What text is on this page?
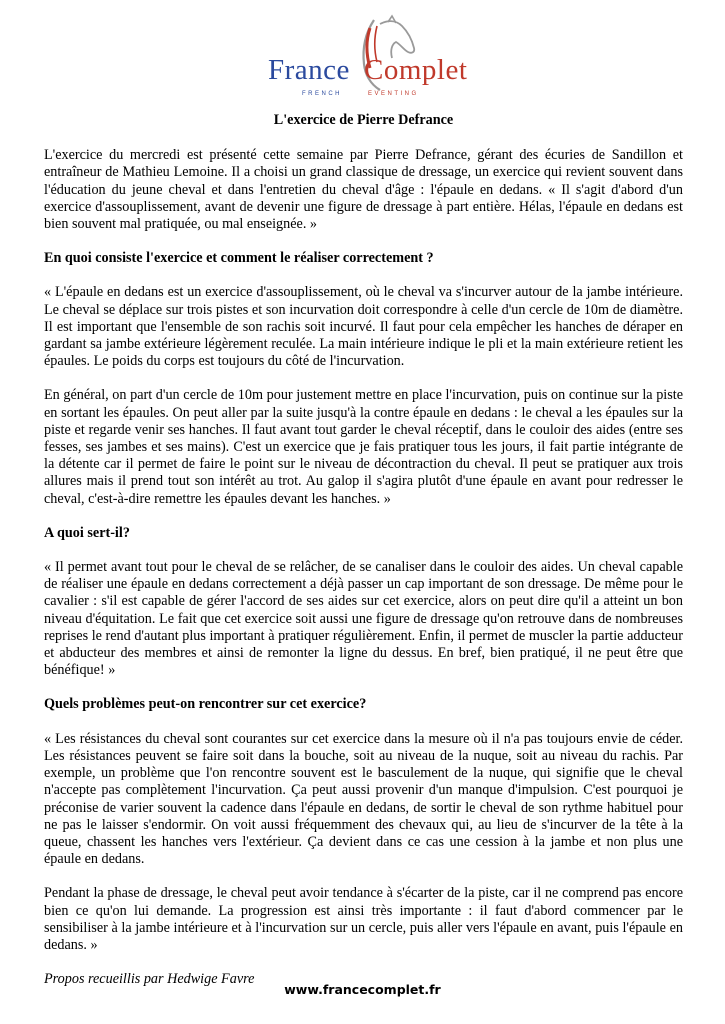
France Complet
FRENCH	EVENTING

L'exercice de Pierre Defrance

L'exercice du mercredi est présenté cette semaine par Pierre Defrance, gérant des écuries de Sandillon et entraîneur de Mathieu Lemoine. Il a choisi un grand classique de dressage, un exercice qui revient souvent dans l'éducation du jeune cheval et dans l'entretien du cheval d'âge : l'épaule en dedans. « Il s'agit d'abord d'un exercice d'assouplissement, avant de devenir une figure de dressage à part entière. Hélas, l'épaule en dedans est bien souvent mal pratiquée, ou mal enseignée. »

En quoi consiste l'exercice et comment le réaliser correctement ?

« L'épaule en dedans est un exercice d'assouplissement, où le cheval va s'incurver autour de la jambe intérieure. Le cheval se déplace sur trois pistes et son incurvation doit correspondre à celle d'un cercle de 10m de diamètre. Il est important que l'ensemble de son rachis soit incurvé. Il faut pour cela empêcher les hanches de déraper en gardant sa jambe extérieure légèrement reculée. La main intérieure indique le pli et la main extérieure retient les épaules. Le poids du corps est toujours du côté de l'incurvation.

En général, on part d'un cercle de 10m pour justement mettre en place l'incurvation, puis on continue sur la piste en sortant les épaules. On peut aller par la suite jusqu'à la contre épaule en dedans : le cheval a les épaules sur la piste et regarde venir ses hanches. Il faut avant tout garder le cheval réceptif, dans le couloir des aides (entre ses fesses, ses jambes et ses mains). C'est un exercice que je fais pratiquer tous les jours, il fait partie intégrante de la détente car il permet de faire le point sur le niveau de décontraction du cheval. Il peut se pratiquer aux trois allures mais il prend tout son intérêt au trot. Au galop il s'agira plutôt d'une épaule en avant pour redresser le cheval, c'est-à-dire remettre les épaules devant les hanches. »

A quoi sert-il?

« Il permet avant tout pour le cheval de se relâcher, de se canaliser dans le couloir des aides. Un cheval capable de réaliser une épaule en dedans correctement a déjà passer un cap important de son dressage. De même pour le cavalier : s'il est capable de gérer l'accord de ses aides sur cet exercice, alors on peut dire qu'il a atteint un bon niveau d'équitation. Le fait que cet exercice soit aussi une figure de dressage qu'on retrouve dans de nombreuses reprises le rend d'autant plus important à pratiquer régulièrement. Enfin, il permet de muscler la partie adducteur et abducteur des membres et ainsi de remonter la ligne du dessus. En bref, bien pratiqué, il ne peut être que bénéfique! »

Quels problèmes peut-on rencontrer sur cet exercice?

« Les résistances du cheval sont courantes sur cet exercice dans la mesure où il n'a pas toujours envie de céder. Les résistances peuvent se faire soit dans la bouche, soit au niveau de la nuque, soit au niveau du rachis. Par exemple, un problème que l'on rencontre souvent est le basculement de la nuque, qui signifie que le cheval n'accepte pas complètement l'incurvation. Ça peut aussi provenir d'un manque d'impulsion. C'est pourquoi je préconise de varier souvent la cadence dans l'épaule en dedans, de sortir le cheval de son rythme habituel pour ne pas le laisser s'endormir. On voit aussi fréquemment des chevaux qui, au lieu de s'incurver de la tête à la queue, chassent les hanches vers l'extérieur. Ça devient dans ce cas une cession à la jambe et non plus une épaule en dedans.

Pendant la phase de dressage, le cheval peut avoir tendance à s'écarter de la piste, car il ne comprend pas encore bien ce qu'on lui demande. La progression est ainsi très importante : il faut d'abord commencer par le sensibiliser à la jambe intérieure et à l'incurvation sur un cercle, puis aller vers l'épaule en avant, puis l'épaule en dedans. »

Propos recueillis par Hedwige Favre

www.francecomplet.fr
